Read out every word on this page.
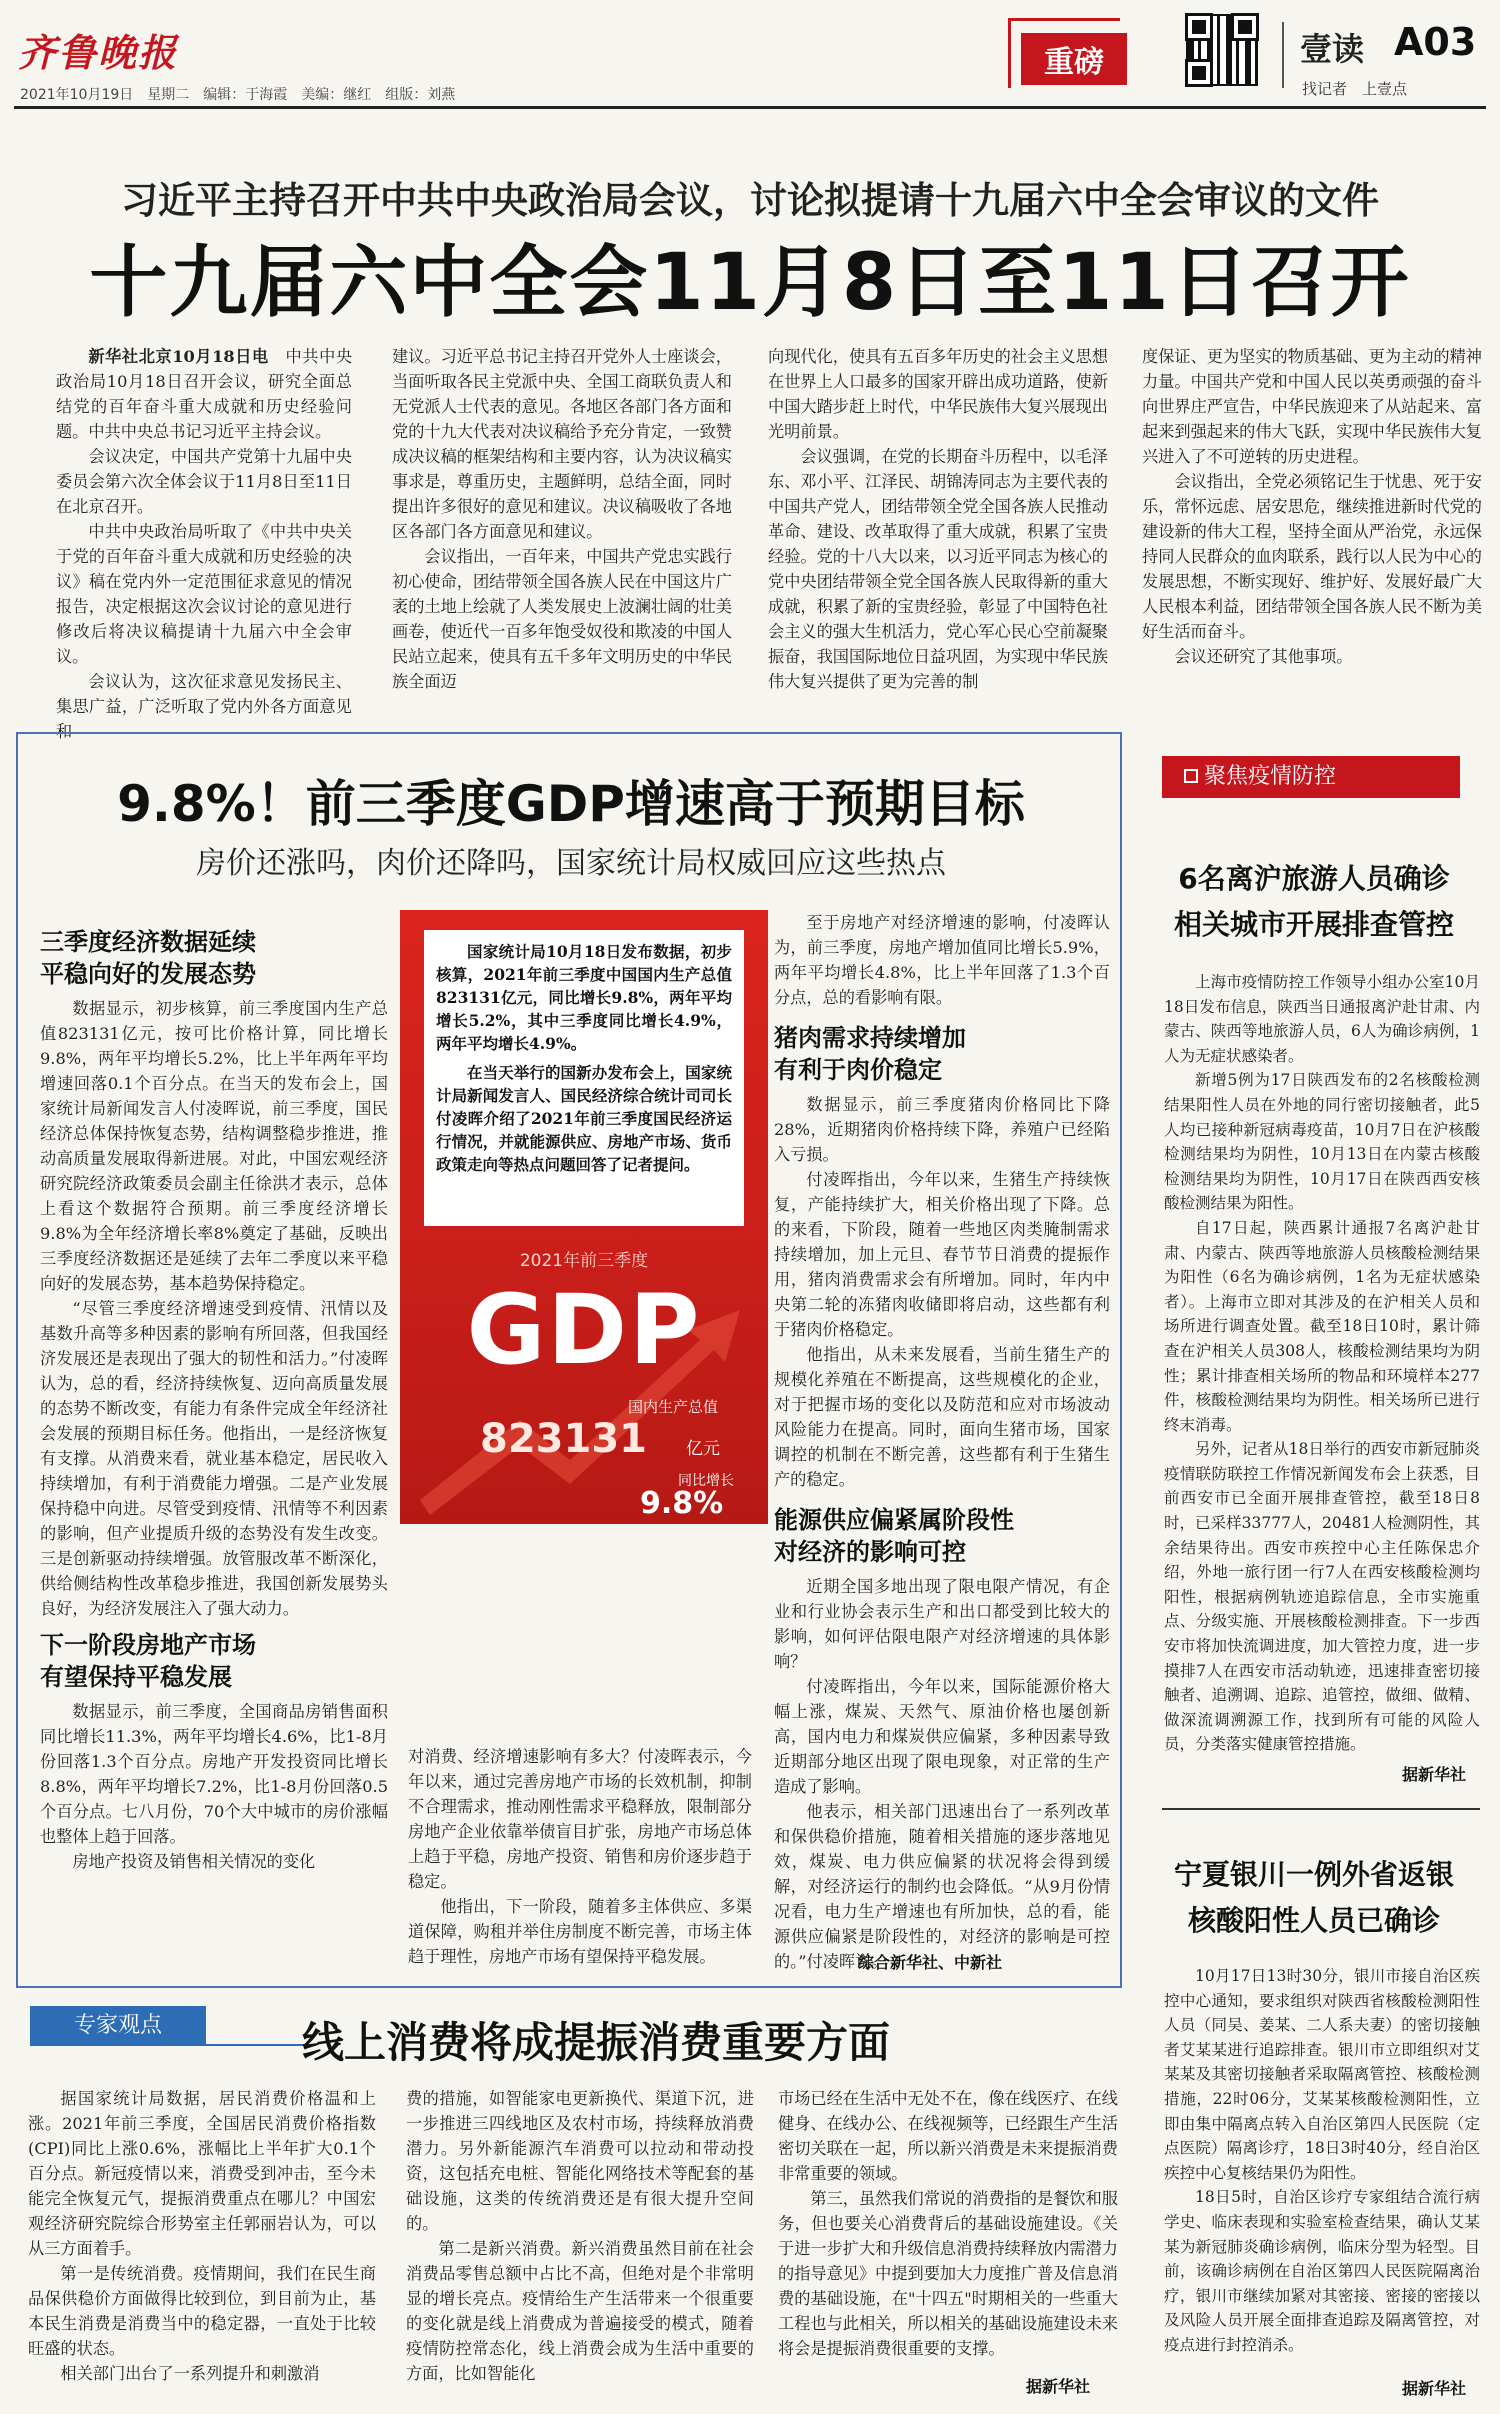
齐鲁晚报
2021年10月19日　星期二　编辑：于海霞　美编：继红　组版：刘燕
重磅	壹读 A03
找记者　上壹点
习近平主持召开中共中央政治局会议，讨论拟提请十九届六中全会审议的文件
十九届六中全会11月8日至11日召开

新华社北京10月18日电　 中共中央政治局10月18日召开会议，研究全面总结党的百年奋斗重大成就和历史经验问题。中共中央总书记习近平主持会议。

会议决定，中国共产党第十九届中央委员会第六次全体会议于11月8日至11日在北京召开。

中共中央政治局听取了《中共中央关于党的百年奋斗重大成就和历史经验的决议》稿在党内外一定范围征求意见的情况报告，决定根据这次会议讨论的意见进行修改后将决议稿提请十九届六中全会审议。

会议认为，这次征求意见发扬民主、集思广益，广泛听取了党内外各方面意见和

建议。习近平总书记主持召开党外人士座谈会，当面听取各民主党派中央、全国工商联负责人和无党派人士代表的意见。各地区各部门各方面和党的十九大代表对决议稿给予充分肯定，一致赞成决议稿的框架结构和主要内容，认为决议稿实事求是，尊重历史，主题鲜明，总结全面，同时提出许多很好的意见和建议。决议稿吸收了各地区各部门各方面意见和建议。

会议指出，一百年来，中国共产党忠实践行初心使命，团结带领全国各族人民在中国这片广袤的土地上绘就了人类发展史上波澜壮阔的壮美画卷，使近代一百多年饱受奴役和欺凌的中国人民站立起来，使具有五千多年文明历史的中华民族全面迈

向现代化，使具有五百多年历史的社会主义思想在世界上人口最多的国家开辟出成功道路，使新中国大踏步赶上时代，中华民族伟大复兴展现出光明前景。

会议强调，在党的长期奋斗历程中，以毛泽东、邓小平、江泽民、胡锦涛同志为主要代表的中国共产党人，团结带领全党全国各族人民推动革命、建设、改革取得了重大成就，积累了宝贵经验。党的十八大以来，以习近平同志为核心的党中央团结带领全党全国各族人民取得新的重大成就，积累了新的宝贵经验，彰显了中国特色社会主义的强大生机活力，党心军心民心空前凝聚振奋，我国国际地位日益巩固，为实现中华民族伟大复兴提供了更为完善的制

度保证、更为坚实的物质基础、更为主动的精神力量。中国共产党和中国人民以英勇顽强的奋斗向世界庄严宣告，中华民族迎来了从站起来、富起来到强起来的伟大飞跃，实现中华民族伟大复兴进入了不可逆转的历史进程。

会议指出，全党必须铭记生于忧患、死于安乐，常怀远虑、居安思危，继续推进新时代党的建设新的伟大工程，坚持全面从严治党，永远保持同人民群众的血肉联系，践行以人民为中心的发展思想，不断实现好、维护好、发展好最广大人民根本利益，团结带领全国各族人民不断为美好生活而奋斗。

会议还研究了其他事项。

9.8%！前三季度GDP增速高于预期目标
房价还涨吗，肉价还降吗，国家统计局权威回应这些热点
三季度经济数据延续
平稳向好的发展态势

数据显示，初步核算，前三季度国内生产总值823131亿元，按可比价格计算，同比增长9.8%，两年平均增长5.2%，比上半年两年平均增速回落0.1个百分点。在当天的发布会上，国家统计局新闻发言人付凌晖说，前三季度，国民经济总体保持恢复态势，结构调整稳步推进，推动高质量发展取得新进展。对此，中国宏观经济研究院经济政策委员会副主任徐洪才表示，总体上看这个数据符合预期。前三季度经济增长9.8%为全年经济增长率8%奠定了基础，反映出三季度经济数据还是延续了去年二季度以来平稳向好的发展态势，基本趋势保持稳定。

“尽管三季度经济增速受到疫情、汛情以及基数升高等多种因素的影响有所回落，但我国经济发展还是表现出了强大的韧性和活力。”付凌晖认为，总的看，经济持续恢复、迈向高质量发展的态势不断改变，有能力有条件完成全年经济社会发展的预期目标任务。他指出，一是经济恢复有支撑。从消费来看，就业基本稳定，居民收入持续增加，有利于消费能力增强。二是产业发展保持稳中向进。尽管受到疫情、汛情等不利因素的影响，但产业提质升级的态势没有发生改变。三是创新驱动持续增强。放管服改革不断深化，供给侧结构性改革稳步推进，我国创新发展势头良好，为经济发展注入了强大动力。

下一阶段房地产市场
有望保持平稳发展

数据显示，前三季度，全国商品房销售面积同比增长11.3%，两年平均增长4.6%，比1-8月份回落1.3个百分点。房地产开发投资同比增长8.8%，两年平均增长7.2%，比1-8月份回落0.5个百分点。七八月份，70个大中城市的房价涨幅也整体上趋于回落。

房地产投资及销售相关情况的变化

国家统计局10月18日发布数据，初步核算，2021年前三季度中国国内生产总值823131亿元，同比增长9.8%，两年平均增长5.2%，其中三季度同比增长4.9%，两年平均增长4.9%。

在当天举行的国新办发布会上，国家统计局新闻发言人、国民经济综合统计司司长付凌晖介绍了2021年前三季度国民经济运行情况，并就能源供应、房地产市场、货币政策走向等热点问题回答了记者提问。

2021年前三季度
GDP
国内生产总值
823131 亿元
同比增长
9.8%

对消费、经济增速影响有多大？付凌晖表示，今年以来，通过完善房地产市场的长效机制，抑制不合理需求，推动刚性需求平稳释放，限制部分房地产企业依靠举债盲目扩张，房地产市场总体上趋于平稳，房地产投资、销售和房价逐步趋于稳定。

他指出，下一阶段，随着多主体供应、多渠道保障，购租并举住房制度不断完善，市场主体趋于理性，房地产市场有望保持平稳发展。

至于房地产对经济增速的影响，付凌晖认为，前三季度，房地产增加值同比增长5.9%，两年平均增长4.8%，比上半年回落了1.3个百分点，总的看影响有限。

猪肉需求持续增加
有利于肉价稳定

数据显示，前三季度猪肉价格同比下降28%，近期猪肉价格持续下降，养殖户已经陷入亏损。

付凌晖指出，今年以来，生猪生产持续恢复，产能持续扩大，相关价格出现了下降。总的来看，下阶段，随着一些地区肉类腌制需求持续增加，加上元旦、春节节日消费的提振作用，猪肉消费需求会有所增加。同时，年内中央第二轮的冻猪肉收储即将启动，这些都有利于猪肉价格稳定。

他指出，从未来发展看，当前生猪生产的规模化养殖在不断提高，这些规模化的企业，对于把握市场的变化以及防范和应对市场波动风险能力在提高。同时，面向生猪市场，国家调控的机制在不断完善，这些都有利于生猪生产的稳定。

能源供应偏紧属阶段性
对经济的影响可控

近期全国多地出现了限电限产情况，有企业和行业协会表示生产和出口都受到比较大的影响，如何评估限电限产对经济增速的具体影响？

付凌晖指出，今年以来，国际能源价格大幅上涨，煤炭、天然气、原油价格也屡创新高，国内电力和煤炭供应偏紧，多种因素导致近期部分地区出现了限电现象，对正常的生产造成了影响。

他表示，相关部门迅速出台了一系列改革和保供稳价措施，随着相关措施的逐步落地见效，煤炭、电力供应偏紧的状况将会得到缓解，对经济运行的制约也会降低。“从9月份情况看，电力生产增速也有所加快，总的看，能源供应偏紧是阶段性的，对经济的影响是可控的。”付凌晖说。

综合新华社、中新社
专家观点	线上消费将成提振消费重要方面

据国家统计局数据，居民消费价格温和上涨。2021年前三季度，全国居民消费价格指数(CPI)同比上涨0.6%，涨幅比上半年扩大0.1个百分点。新冠疫情以来，消费受到冲击，至今未能完全恢复元气，提振消费重点在哪儿？中国宏观经济研究院综合形势室主任郭丽岩认为，可以从三方面着手。

第一是传统消费。疫情期间，我们在民生商品保供稳价方面做得比较到位，到目前为止，基本民生消费是消费当中的稳定器，一直处于比较旺盛的状态。

相关部门出台了一系列提升和刺激消

费的措施，如智能家电更新换代、渠道下沉，进一步推进三四线地区及农村市场，持续释放消费潜力。另外新能源汽车消费可以拉动和带动投资，这包括充电桩、智能化网络技术等配套的基础设施，这类的传统消费还是有很大提升空间的。

第二是新兴消费。新兴消费虽然目前在社会消费品零售总额中占比不高，但绝对是个非常明显的增长亮点。疫情给生产生活带来一个很重要的变化就是线上消费成为普遍接受的模式，随着疫情防控常态化，线上消费会成为生活中重要的方面，比如智能化

市场已经在生活中无处不在，像在线医疗、在线健身、在线办公、在线视频等，已经跟生产生活密切关联在一起，所以新兴消费是未来提振消费非常重要的领域。

第三，虽然我们常说的消费指的是餐饮和服务，但也要关心消费背后的基础设施建设。《关于进一步扩大和升级信息消费持续释放内需潜力的指导意见》中提到要加大力度推广普及信息消费的基础设施，在"十四五"时期相关的一些重大工程也与此相关，所以相关的基础设施建设未来将会是提振消费很重要的支撑。

据新华社
聚焦疫情防控
6名离沪旅游人员确诊
相关城市开展排查管控

上海市疫情防控工作领导小组办公室10月18日发布信息，陕西当日通报离沪赴甘肃、内蒙古、陕西等地旅游人员，6人为确诊病例，1人为无症状感染者。

新增5例为17日陕西发布的2名核酸检测结果阳性人员在外地的同行密切接触者，此5人均已接种新冠病毒疫苗，10月7日在沪核酸检测结果均为阴性，10月13日在内蒙古核酸检测结果均为阴性，10月17日在陕西西安核酸检测结果为阳性。

自17日起，陕西累计通报7名离沪赴甘肃、内蒙古、陕西等地旅游人员核酸检测结果为阳性（6名为确诊病例，1名为无症状感染者）。上海市立即对其涉及的在沪相关人员和场所进行调查处置。截至18日10时，累计筛查在沪相关人员308人，核酸检测结果均为阴性；累计排查相关场所的物品和环境样本277件，核酸检测结果均为阴性。相关场所已进行终末消毒。

另外，记者从18日举行的西安市新冠肺炎疫情联防联控工作情况新闻发布会上获悉，目前西安市已全面开展排查管控，截至18日8时，已采样33777人，20481人检测阴性，其余结果待出。西安市疾控中心主任陈保忠介绍，外地一旅行团一行7人在西安核酸检测均阳性，根据病例轨迹追踪信息，全市实施重点、分级实施、开展核酸检测排查。下一步西安市将加快流调进度，加大管控力度，进一步摸排7人在西安市活动轨迹，迅速排查密切接触者、追溯调、追踪、追管控，做细、做精、做深流调溯源工作，找到所有可能的风险人员，分类落实健康管控措施。

据新华社
宁夏银川一例外省返银
核酸阳性人员已确诊

10月17日13时30分，银川市接自治区疾控中心通知，要求组织对陕西省核酸检测阳性人员（同吴、姜某、二人系夫妻）的密切接触者艾某某进行追踪排查。银川市立即组织对艾某某及其密切接触者采取隔离管控、核酸检测措施，22时06分，艾某某核酸检测阳性，立即由集中隔离点转入自治区第四人民医院（定点医院）隔离诊疗，18日3时40分，经自治区疾控中心复核结果仍为阳性。

18日5时，自治区诊疗专家组结合流行病学史、临床表现和实验室检查结果，确认艾某某为新冠肺炎确诊病例，临床分型为轻型。目前，该确诊病例在自治区第四人民医院隔离治疗，银川市继续加紧对其密接、密接的密接以及风险人员开展全面排查追踪及隔离管控，对疫点进行封控消杀。

据新华社
